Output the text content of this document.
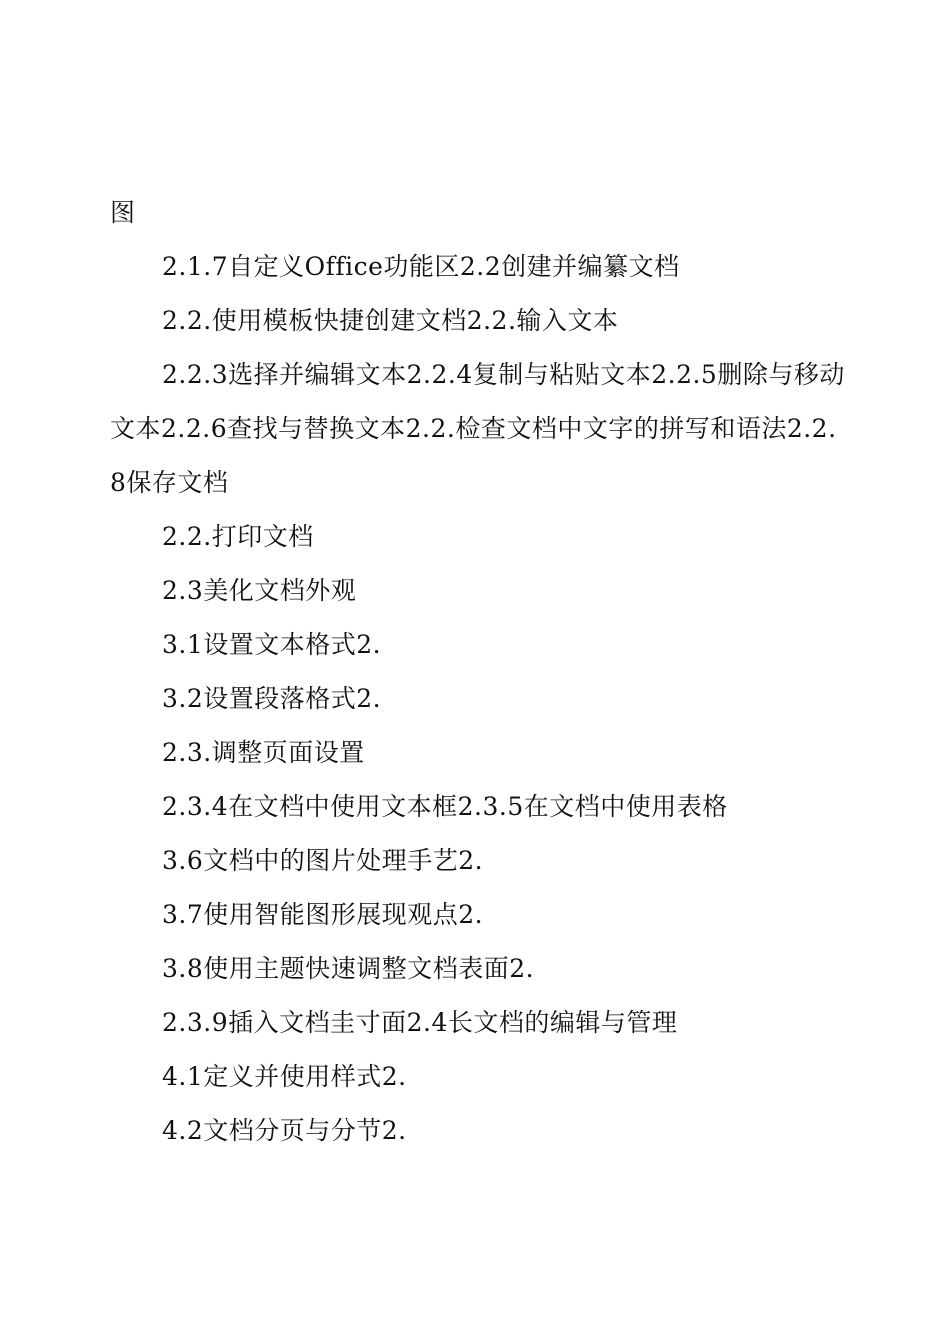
图

2.1.7自定义Office功能区2.2创建并编纂文档

2.2.使用模板快捷创建文档2.2.输入文本

2.2.3选择并编辑文本2.2.4复制与粘贴文本2.2.5删除与移动文本2.2.6查找与替换文本2.2.检查文档中文字的拼写和语法2.2.8保存文档

2.2.打印文档

2.3美化文档外观

3.1设置文本格式2.

3.2设置段落格式2.

2.3.调整页面设置

2.3.4在文档中使用文本框2.3.5在文档中使用表格

3.6文档中的图片处理手艺2.

3.7使用智能图形展现观点2.

3.8使用主题快速调整文档表面2.

2.3.9插入文档圭寸面2.4长文档的编辑与管理

4.1定义并使用样式2.

4.2文档分页与分节2.
